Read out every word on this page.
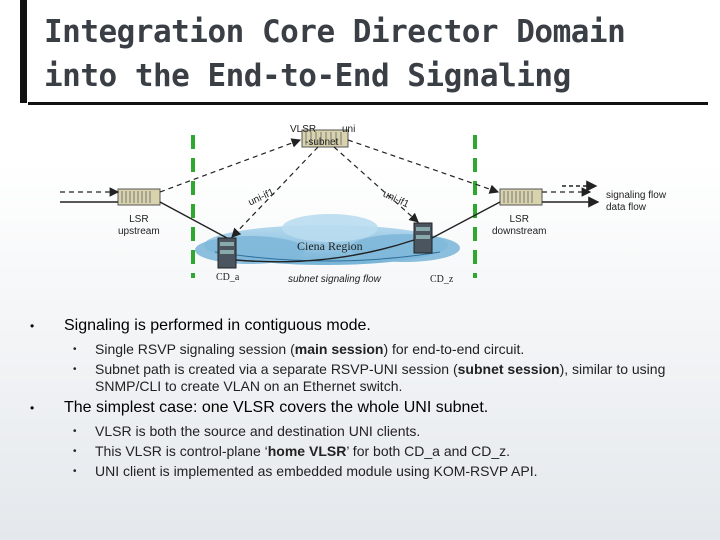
Integration Core Director Domain
into the End-to-End Signaling
VLSR	uni
-subnet
uni-if1	uni-if1
LSR
upstream
LSR
downstream
signaling flow
data flow
Ciena Region
CD_a	CD_z
subnet signaling flow
• Signaling is performed in contiguous mode.
• Single RSVP signaling session (main session) for end-to-end circuit.
• Subnet path is created via a separate RSVP-UNI session (subnet session), similar to using SNMP/CLI to create VLAN on an Ethernet switch.
• The simplest case: one VLSR covers the whole UNI subnet.
• VLSR is both the source and destination UNI clients.
• This VLSR is control-plane ‘home VLSR’ for both CD_a and CD_z.
• UNI client is implemented as embedded module using KOM-RSVP API.
